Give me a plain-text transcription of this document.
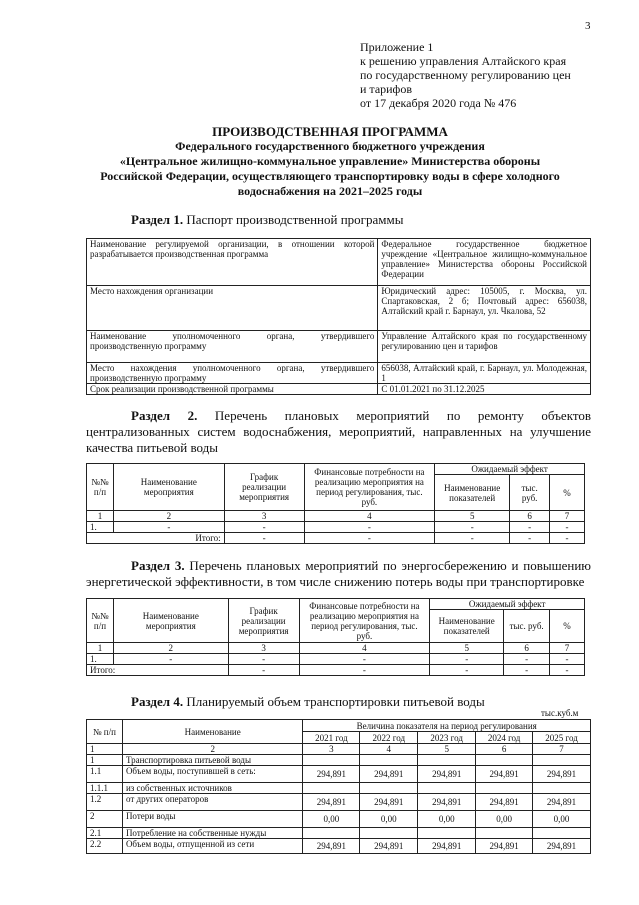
3
Приложение 1
к решению управления Алтайского края
по государственному регулированию цен
и тарифов
от 17 декабря 2020 года № 476
ПРОИЗВОДСТВЕННАЯ ПРОГРАММА
Федерального государственного бюджетного учреждения
«Центральное жилищно-коммунальное управление» Министерства обороны
Российской Федерации, осуществляющего транспортировку воды в сфере холодного
водоснабжения на 2021–2025 годы
Раздел 1. Паспорт производственной программы
Наименование регулируемой организации, в отношении которой разрабатывается производственная программа	Федеральное государственное бюджетное учреждение «Центральное жилищно-коммунальное управление» Министерства обороны Российской Федерации
Место нахождения организации	Юридический адрес: 105005, г. Москва, ул. Спартаковская, 2 б; Почтовый адрес: 656038, Алтайский край г. Барнаул, ул. Чкалова, 52
Наименование уполномоченного органа, утвердившего производственную программу	Управление Алтайского края по государственному регулированию цен и тарифов
Место нахождения уполномоченного органа, утвердившего производственную программу	656038, Алтайский край, г. Барнаул, ул. Молодежная, 1
Срок реализации производственной программы	С 01.01.2021 по 31.12.2025
Раздел 2. Перечень плановых мероприятий по ремонту объектов централизованных систем водоснабжения, мероприятий, направленных на улучшение качества питьевой воды
№№ п/п	Наименование мероприятия	График реализации мероприятия	Финансовые потребности на реализацию мероприятия на период регулирования, тыс. руб.	Ожидаемый эффект		
				Наименование показателей	тыс. руб.	%
1	2	3	4	5	6	7
1.	-	-	-	-	-	-
Итого:		-	-	-	-	-
Раздел 3. Перечень плановых мероприятий по энергосбережению и повышению энергетической эффективности, в том числе снижению потерь воды при транспортировке
№№ п/п	Наименование мероприятия	График реализации мероприятия	Финансовые потребности на реализацию мероприятия на период регулирования, тыс. руб.	Ожидаемый эффект		
				Наименование показателей	тыс. руб.	%
1	2	3	4	5	6	7
1.	-	-	-	-	-	-
Итого:		-	-	-	-	-
Раздел 4. Планируемый объем транспортировки питьевой воды
тыс.куб.м
№ п/п	Наименование	Величина показателя на период регулирования				
		2021 год	2022 год	2023 год	2024 год	2025 год
1	2	3	4	5	6	7
1	Транспортировка питьевой воды					
1.1	Объем воды, поступившей в сеть:	294,891	294,891	294,891	294,891	294,891
1.1.1	из собственных источников					
1.2	от других операторов	294,891	294,891	294,891	294,891	294,891
2	Потери воды	0,00	0,00	0,00	0,00	0,00
2.1	Потребление на собственные нужды					
2.2	Объем воды, отпущенной из сети	294,891	294,891	294,891	294,891	294,891
